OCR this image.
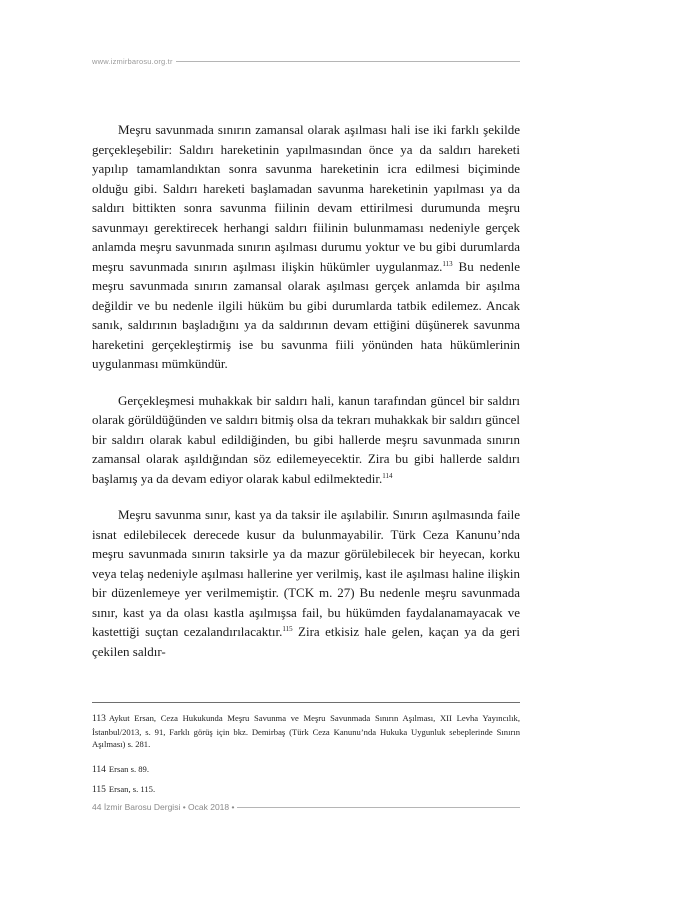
www.izmirbarosu.org.tr

Meşru savunmada sınırın zamansal olarak aşılması hali ise iki farklı şekilde gerçekleşebilir: Saldırı hareketinin yapılmasından önce ya da saldırı hareketi yapılıp tamamlandıktan sonra savunma hareketinin icra edilmesi biçiminde olduğu gibi. Saldırı hareketi başlamadan savunma hareketinin yapılması ya da saldırı bittikten sonra savunma fiilinin devam ettirilmesi durumunda meşru savunmayı gerektirecek herhangi saldırı fiilinin bulunmaması nedeniyle gerçek anlamda meşru savunmada sınırın aşılması durumu yoktur ve bu gibi durumlarda meşru savunmada sınırın aşılması ilişkin hükümler uygulanmaz.$^{113}$ Bu nedenle meşru savunmada sınırın zamansal olarak aşılması gerçek anlamda bir aşılma değildir ve bu nedenle ilgili hüküm bu gibi durumlarda tatbik edilemez. Ancak sanık, saldırının başladığını ya da saldırının devam ettiğini düşünerek savunma hareketini gerçekleştirmiş ise bu savunma fiili yönünden hata hükümlerinin uygulanması mümkündür.

Gerçekleşmesi muhakkak bir saldırı hali, kanun tarafından güncel bir saldırı olarak görüldüğünden ve saldırı bitmiş olsa da tekrarı muhakkak bir saldırı güncel bir saldırı olarak kabul edildiğinden, bu gibi hallerde meşru savunmada sınırın zamansal olarak aşıldığından söz edilemeyecektir. Zira bu gibi hallerde saldırı başlamış ya da devam ediyor olarak kabul edilmektedir.$^{114}$

Meşru savunma sınır, kast ya da taksir ile aşılabilir. Sınırın aşılmasında faile isnat edilebilecek derecede kusur da bulunmayabilir. Türk Ceza Kanunu’nda meşru savunmada sınırın taksirle ya da mazur görülebilecek bir heyecan, korku veya telaş nedeniyle aşılması hallerine yer verilmiş, kast ile aşılması haline ilişkin bir düzenlemeye yer verilmemiştir. (TCK m. 27) Bu nedenle meşru savunmada sınır, kast ya da olası kastla aşılmışsa fail, bu hükümden faydalanamayacak ve kastettiği suçtan cezalandırılacaktır.$^{115}$ Zira etkisiz hale gelen, kaçan ya da geri çekilen saldır-

113 Aykut Ersan, Ceza Hukukunda Meşru Savunma ve Meşru Savunmada Sınırın Aşılması, XII Levha Yayıncılık, İstanbul/2013, s. 91, Farklı görüş için bkz. Demirbaş (Türk Ceza Kanunu’nda Hukuka Uygunluk sebeplerinde Sınırın Aşılması) s. 281.
114 Ersan s. 89.
115 Ersan, s. 115.
44 İzmir Barosu Dergisi • Ocak 2018 •
